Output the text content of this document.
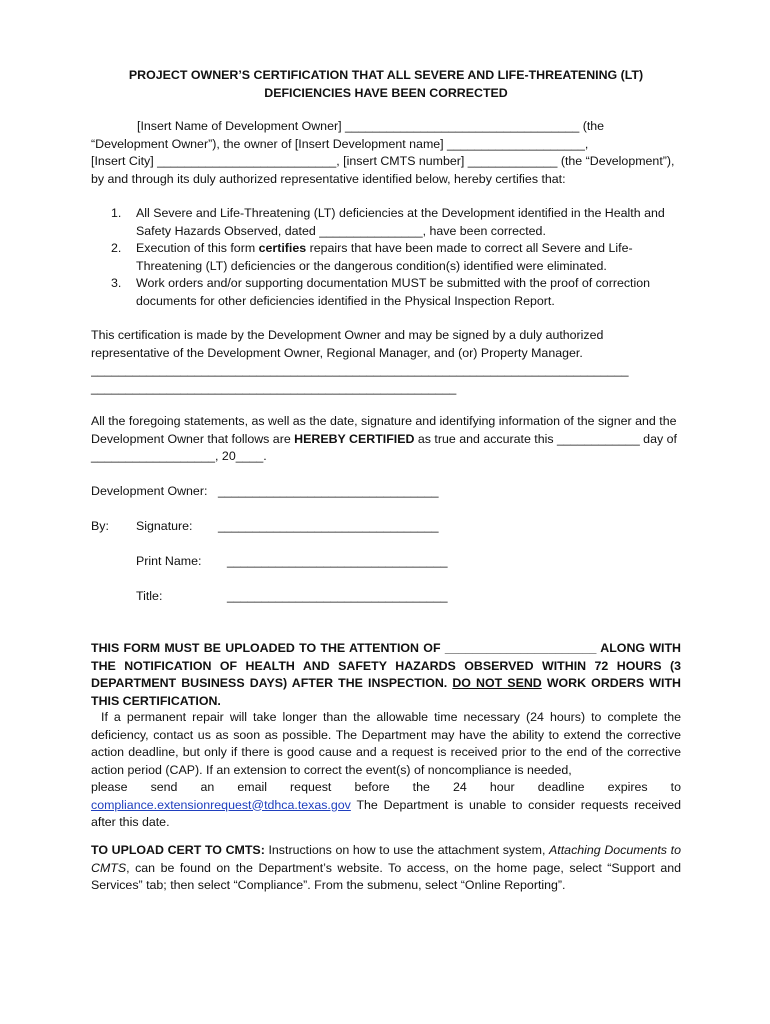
PROJECT OWNER’S CERTIFICATION THAT ALL SEVERE AND LIFE-THREATENING (LT)
DEFICIENCIES HAVE BEEN CORRECTED
[Insert Name of Development Owner] __________________________________ (the
“Development Owner”), the owner of [Insert Development name] ____________________,
[Insert City] __________________________, [insert CMTS number] _____________ (the “Development”),
by and through its duly authorized representative identified below, hereby certifies that:
1. All Severe and Life-Threatening (LT) deficiencies at the Development identified in the Health and Safety Hazards Observed, dated _______________, have been corrected.
2. Execution of this form certifies repairs that have been made to correct all Severe and Life-Threatening (LT) deficiencies or the dangerous condition(s) identified were eliminated.
3. Work orders and/or supporting documentation MUST be submitted with the proof of correction documents for other deficiencies identified in the Physical Inspection Report.
This certification is made by the Development Owner and may be signed by a duly authorized representative of the Development Owner, Regional Manager, and (or) Property Manager.
______________________________________________________________________________
_____________________________________________________
All the foregoing statements, as well as the date, signature and identifying information of the signer and the Development Owner that follows are HEREBY CERTIFIED as true and accurate this ____________ day of __________________, 20____.
Development Owner: ________________________________
By: Signature: ________________________________
Print Name: ________________________________
Title:	________________________________
THIS FORM MUST BE UPLOADED TO THE ATTENTION OF ______________________ ALONG WITH THE NOTIFICATION OF HEALTH AND SAFETY HAZARDS OBSERVED WITHIN 72 HOURS (3 DEPARTMENT BUSINESS DAYS) AFTER THE INSPECTION. DO NOT SEND WORK ORDERS WITH THIS CERTIFICATION.
If a permanent repair will take longer than the allowable time necessary (24 hours) to complete the deficiency, contact us as soon as possible. The Department may have the ability to extend the corrective action deadline, but only if there is good cause and a request is received prior to the end of the corrective action period (CAP). If an extension to correct the event(s) of noncompliance is needed,
please send an email request before the 24 hour deadline expires to
compliance.extensionrequest@tdhca.texas.gov The Department is unable to consider requests received after this date.
TO UPLOAD CERT TO CMTS: Instructions on how to use the attachment system, Attaching Documents to CMTS, can be found on the Department’s website. To access, on the home page, select “Support and Services” tab; then select “Compliance”. From the submenu, select “Online Reporting”.
